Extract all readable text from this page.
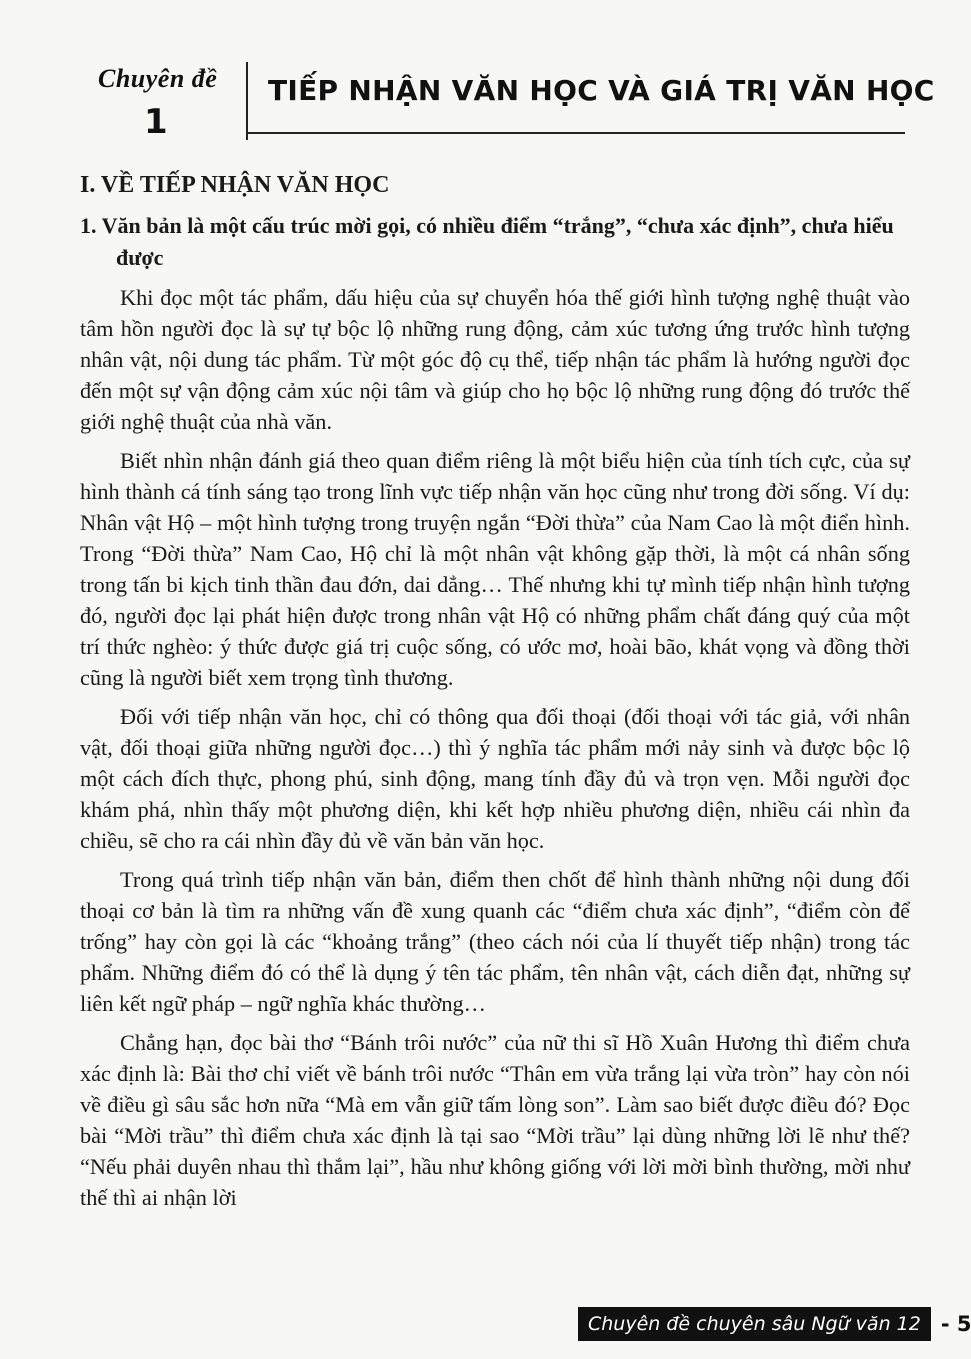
Chuyên đề
1
TIẾP NHẬN VĂN HỌC VÀ GIÁ TRỊ VĂN HỌC
I. VỀ TIẾP NHẬN VĂN HỌC
1. Văn bản là một cấu trúc mời gọi, có nhiều điểm “trắng”, “chưa xác định”, chưa hiểu được

Khi đọc một tác phẩm, dấu hiệu của sự chuyển hóa thế giới hình tượng nghệ thuật vào tâm hồn người đọc là sự tự bộc lộ những rung động, cảm xúc tương ứng trước hình tượng nhân vật, nội dung tác phẩm. Từ một góc độ cụ thể, tiếp nhận tác phẩm là hướng người đọc đến một sự vận động cảm xúc nội tâm và giúp cho họ bộc lộ những rung động đó trước thế giới nghệ thuật của nhà văn.

Biết nhìn nhận đánh giá theo quan điểm riêng là một biểu hiện của tính tích cực, của sự hình thành cá tính sáng tạo trong lĩnh vực tiếp nhận văn học cũng như trong đời sống. Ví dụ: Nhân vật Hộ – một hình tượng trong truyện ngắn “Đời thừa” của Nam Cao là một điển hình. Trong “Đời thừa” Nam Cao, Hộ chỉ là một nhân vật không gặp thời, là một cá nhân sống trong tấn bi kịch tinh thần đau đớn, dai dẳng… Thế nhưng khi tự mình tiếp nhận hình tượng đó, người đọc lại phát hiện được trong nhân vật Hộ có những phẩm chất đáng quý của một trí thức nghèo: ý thức được giá trị cuộc sống, có ước mơ, hoài bão, khát vọng và đồng thời cũng là người biết xem trọng tình thương.

Đối với tiếp nhận văn học, chỉ có thông qua đối thoại (đối thoại với tác giả, với nhân vật, đối thoại giữa những người đọc…) thì ý nghĩa tác phẩm mới nảy sinh và được bộc lộ một cách đích thực, phong phú, sinh động, mang tính đầy đủ và trọn vẹn. Mỗi người đọc khám phá, nhìn thấy một phương diện, khi kết hợp nhiều phương diện, nhiều cái nhìn đa chiều, sẽ cho ra cái nhìn đầy đủ về văn bản văn học.

Trong quá trình tiếp nhận văn bản, điểm then chốt để hình thành những nội dung đối thoại cơ bản là tìm ra những vấn đề xung quanh các “điểm chưa xác định”, “điểm còn để trống” hay còn gọi là các “khoảng trắng” (theo cách nói của lí thuyết tiếp nhận) trong tác phẩm. Những điểm đó có thể là dụng ý tên tác phẩm, tên nhân vật, cách diễn đạt, những sự liên kết ngữ pháp – ngữ nghĩa khác thường…

Chẳng hạn, đọc bài thơ “Bánh trôi nước” của nữ thi sĩ Hồ Xuân Hương thì điểm chưa xác định là: Bài thơ chỉ viết về bánh trôi nước “Thân em vừa trắng lại vừa tròn” hay còn nói về điều gì sâu sắc hơn nữa “Mà em vẫn giữ tấm lòng son”. Làm sao biết được điều đó? Đọc bài “Mời trầu” thì điểm chưa xác định là tại sao “Mời trầu” lại dùng những lời lẽ như thế? “Nếu phải duyên nhau thì thắm lại”, hầu như không giống với lời mời bình thường, mời như thế thì ai nhận lời

Chuyên đề chuyên sâu Ngữ văn 12 - 5
